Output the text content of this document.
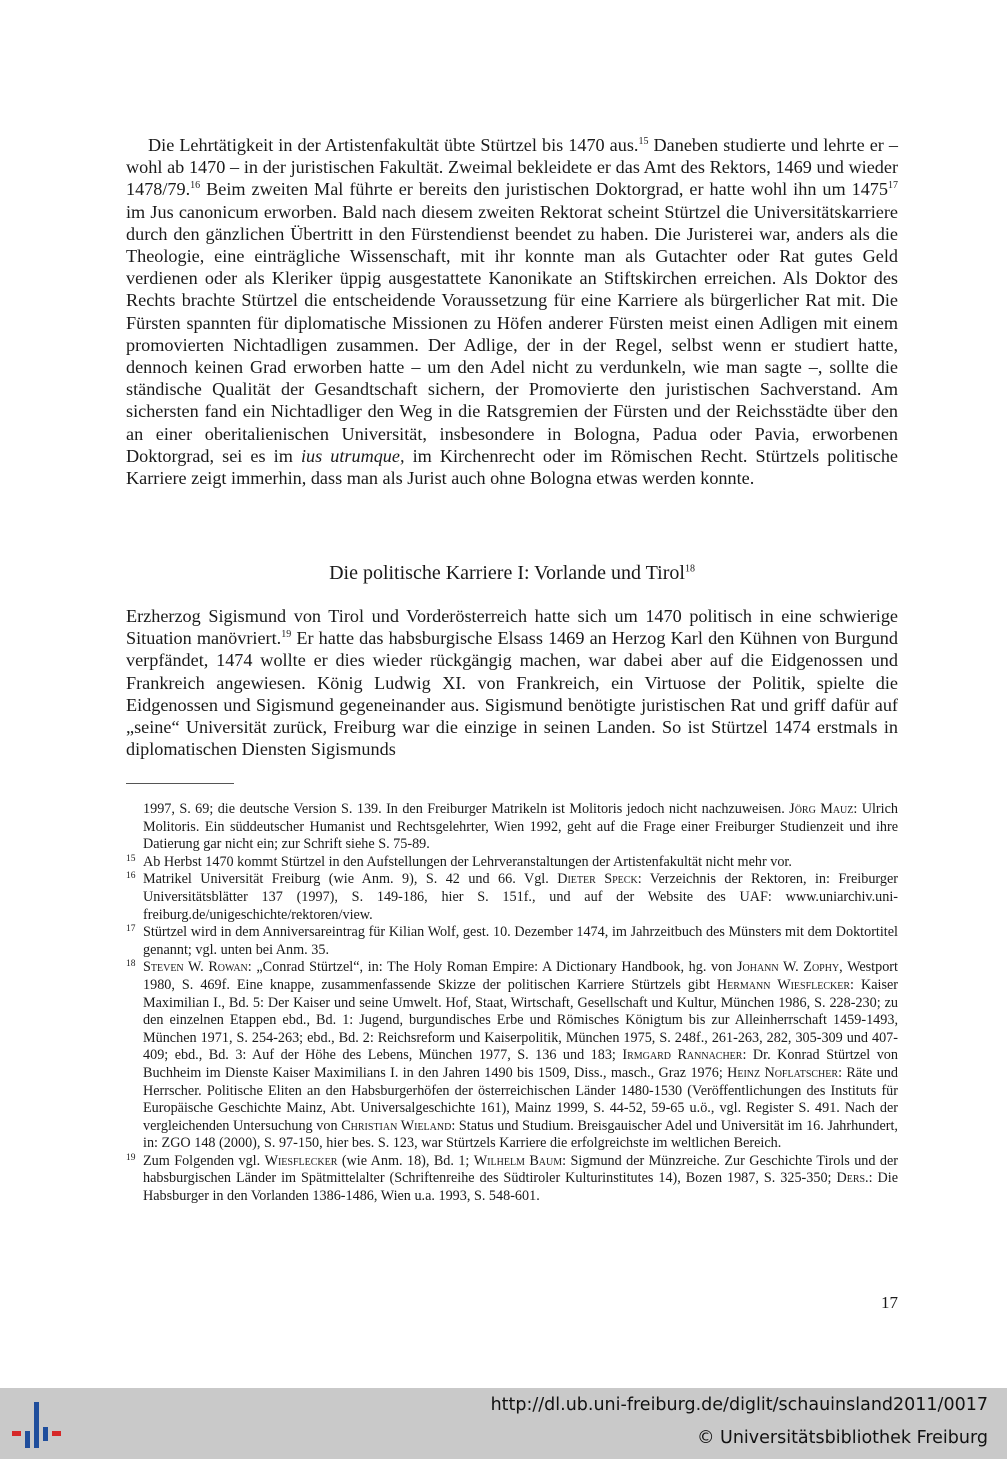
Die Lehrtätigkeit in der Artistenfakultät übte Stürtzel bis 1470 aus.$^{15}$ Daneben studierte und lehrte er – wohl ab 1470 – in der juristischen Fakultät. Zweimal bekleidete er das Amt des Rektors, 1469 und wieder 1478/79.16 Beim zweiten Mal führte er bereits den juristischen Doktorgrad, er hatte wohl ihn um 1475$^{17}$ im Jus canonicum erworben. Bald nach diesem zweiten Rektorat scheint Stürtzel die Universitätskarriere durch den gänzlichen Übertritt in den Fürstendienst beendet zu haben. Die Juristerei war, anders als die Theologie, eine einträgliche Wissenschaft, mit ihr konnte man als Gutachter oder Rat gutes Geld verdienen oder als Kleriker üppig ausgestattete Kanonikate an Stiftskirchen erreichen. Als Doktor des Rechts brachte Stürtzel die entscheidende Voraussetzung für eine Karriere als bürgerlicher Rat mit. Die Fürsten spannten für diplomatische Missionen zu Höfen anderer Fürsten meist einen Adligen mit einem promovierten Nichtadligen zusammen. Der Adlige, der in der Regel, selbst wenn er studiert hatte, dennoch keinen Grad erworben hatte – um den Adel nicht zu verdunkeln, wie man sagte –, sollte die ständische Qualität der Gesandtschaft sichern, der Promovierte den juristischen Sachverstand. Am sichersten fand ein Nichtadliger den Weg in die Ratsgremien der Fürsten und der Reichsstädte über den an einer oberitalienischen Universität, insbesondere in Bologna, Padua oder Pavia, erworbenen Doktorgrad, sei es im ius utrumque, im Kirchenrecht oder im Römischen Recht. Stürtzels politische Karriere zeigt immerhin, dass man als Jurist auch ohne Bologna etwas werden konnte.

Die politische Karriere I: Vorlande und Tirol$^{18}$

Erzherzog Sigismund von Tirol und Vorderösterreich hatte sich um 1470 politisch in eine schwierige Situation manövriert.$^{19}$ Er hatte das habsburgische Elsass 1469 an Herzog Karl den Kühnen von Burgund verpfändet, 1474 wollte er dies wieder rückgängig machen, war dabei aber auf die Eidgenossen und Frankreich angewiesen. König Ludwig XI. von Frankreich, ein Virtuose der Politik, spielte die Eidgenossen und Sigismund gegeneinander aus. Sigismund benötigte juristischen Rat und griff dafür auf „seine“ Universität zurück, Freiburg war die einzige in seinen Landen. So ist Stürtzel 1474 erstmals in diplomatischen Diensten Sigismunds

1997, S. 69; die deutsche Version S. 139. In den Freiburger Matrikeln ist Molitoris jedoch nicht nachzuweisen. Jörg Mauz: Ulrich Molitoris. Ein süddeutscher Humanist und Rechtsgelehrter, Wien 1992, geht auf die Frage einer Freiburger Studienzeit und ihre Datierung gar nicht ein; zur Schrift siehe S. 75-89.
15 Ab Herbst 1470 kommt Stürtzel in den Aufstellungen der Lehrveranstaltungen der Artistenfakultät nicht mehr vor.
16 Matrikel Universität Freiburg (wie Anm. 9), S. 42 und 66. Vgl. Dieter Speck: Verzeichnis der Rektoren, in: Freiburger Universitätsblätter 137 (1997), S. 149-186, hier S. 151f., und auf der Website des UAF: www.uniarchiv.uni-freiburg.de/unigeschichte/rektoren/view.
17 Stürtzel wird in dem Anniversareintrag für Kilian Wolf, gest. 10. Dezember 1474, im Jahrzeitbuch des Münsters mit dem Doktortitel genannt; vgl. unten bei Anm. 35.
18 Steven W. Rowan: „Conrad Stürtzel“, in: The Holy Roman Empire: A Dictionary Handbook, hg. von Johann W. Zophy, Westport 1980, S. 469f. Eine knappe, zusammenfassende Skizze der politischen Karriere Stürtzels gibt Hermann Wiesflecker: Kaiser Maximilian I., Bd. 5: Der Kaiser und seine Umwelt. Hof, Staat, Wirtschaft, Gesellschaft und Kultur, München 1986, S. 228-230; zu den einzelnen Etappen ebd., Bd. 1: Jugend, burgundisches Erbe und Römisches Königtum bis zur Alleinherrschaft 1459-1493, München 1971, S. 254-263; ebd., Bd. 2: Reichsreform und Kaiserpolitik, München 1975, S. 248f., 261-263, 282, 305-309 und 407-409; ebd., Bd. 3: Auf der Höhe des Lebens, München 1977, S. 136 und 183; Irmgard Rannacher: Dr. Konrad Stürtzel von Buchheim im Dienste Kaiser Maximilians I. in den Jahren 1490 bis 1509, Diss., masch., Graz 1976; Heinz Noflatscher: Räte und Herrscher. Politische Eliten an den Habsburgerhöfen der österreichischen Länder 1480-1530 (Veröffentlichungen des Instituts für Europäische Geschichte Mainz, Abt. Universalgeschichte 161), Mainz 1999, S. 44-52, 59-65 u.ö., vgl. Register S. 491. Nach der vergleichenden Untersuchung von Christian Wieland: Status und Studium. Breisgauischer Adel und Universität im 16. Jahrhundert, in: ZGO 148 (2000), S. 97-150, hier bes. S. 123, war Stürtzels Karriere die erfolgreichste im weltlichen Bereich.
19 Zum Folgenden vgl. Wiesflecker (wie Anm. 18), Bd. 1; Wilhelm Baum: Sigmund der Münzreiche. Zur Geschichte Tirols und der habsburgischen Länder im Spätmittelalter (Schriftenreihe des Südtiroler Kulturinstitutes 14), Bozen 1987, S. 325-350; Ders.: Die Habsburger in den Vorlanden 1386-1486, Wien u.a. 1993, S. 548-601.
17
http://dl.ub.uni-freiburg.de/diglit/schauinsland2011/0017
© Universitätsbibliothek Freiburg
